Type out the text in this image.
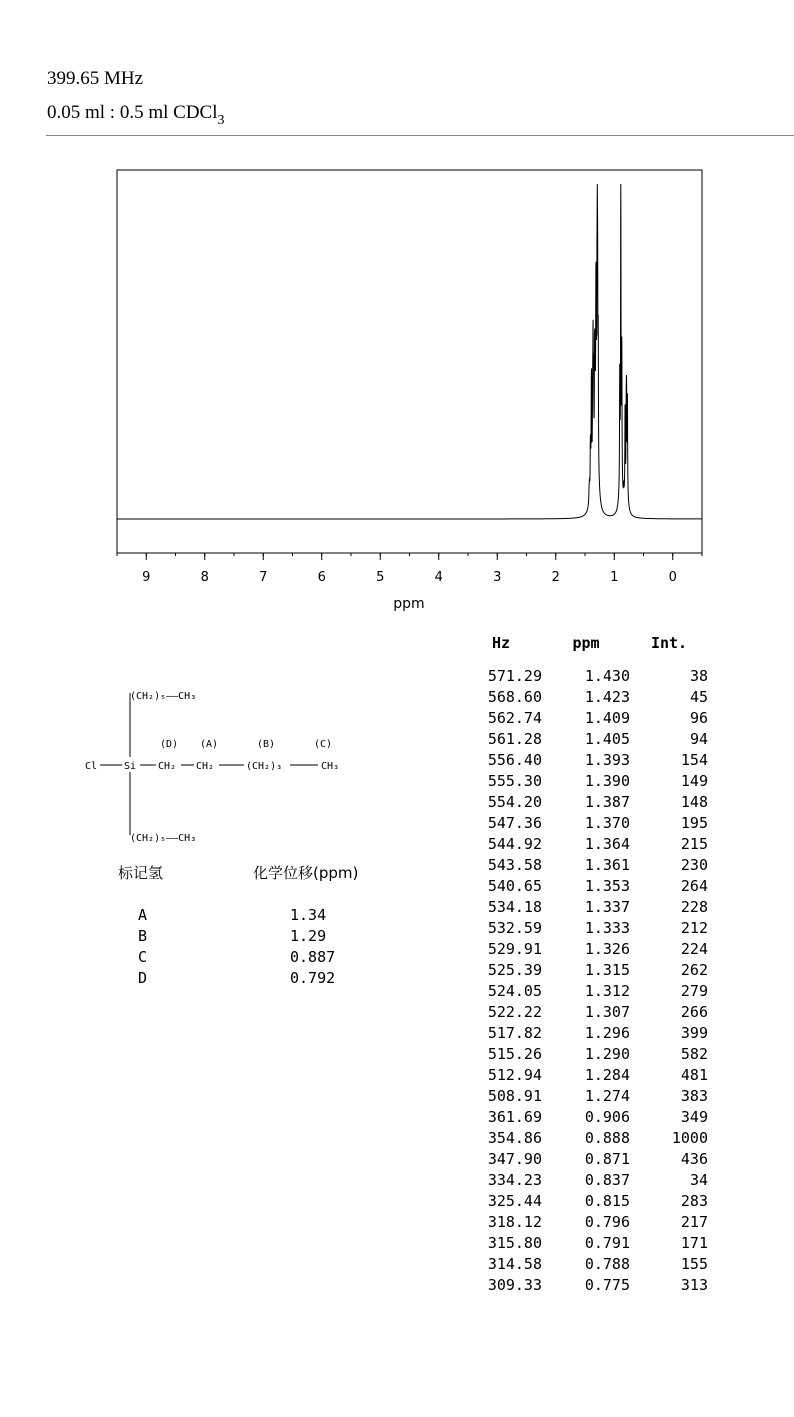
399.65 MHz
0.05 ml : 0.5 ml CDCl$_3$
9	8	7	6	5	4	3	2	1	0
ppm
(CH₂)₅——CH₃
Cl	Si
(D)
CH₂
(A)
CH₂
(B)
(CH₂)₃
(C)
CH₃
(CH₂)₅——CH₃
标记氢	化学位移(ppm)
A	1.34
B	1.29
C	0.887
D	0.792
Hz	ppm	Int.
571.29	1.430	38
568.60	1.423	45
562.74	1.409	96
561.28	1.405	94
556.40	1.393	154
555.30	1.390	149
554.20	1.387	148
547.36	1.370	195
544.92	1.364	215
543.58	1.361	230
540.65	1.353	264
534.18	1.337	228
532.59	1.333	212
529.91	1.326	224
525.39	1.315	262
524.05	1.312	279
522.22	1.307	266
517.82	1.296	399
515.26	1.290	582
512.94	1.284	481
508.91	1.274	383
361.69	0.906	349
354.86	0.888	1000
347.90	0.871	436
334.23	0.837	34
325.44	0.815	283
318.12	0.796	217
315.80	0.791	171
314.58	0.788	155
309.33	0.775	313
